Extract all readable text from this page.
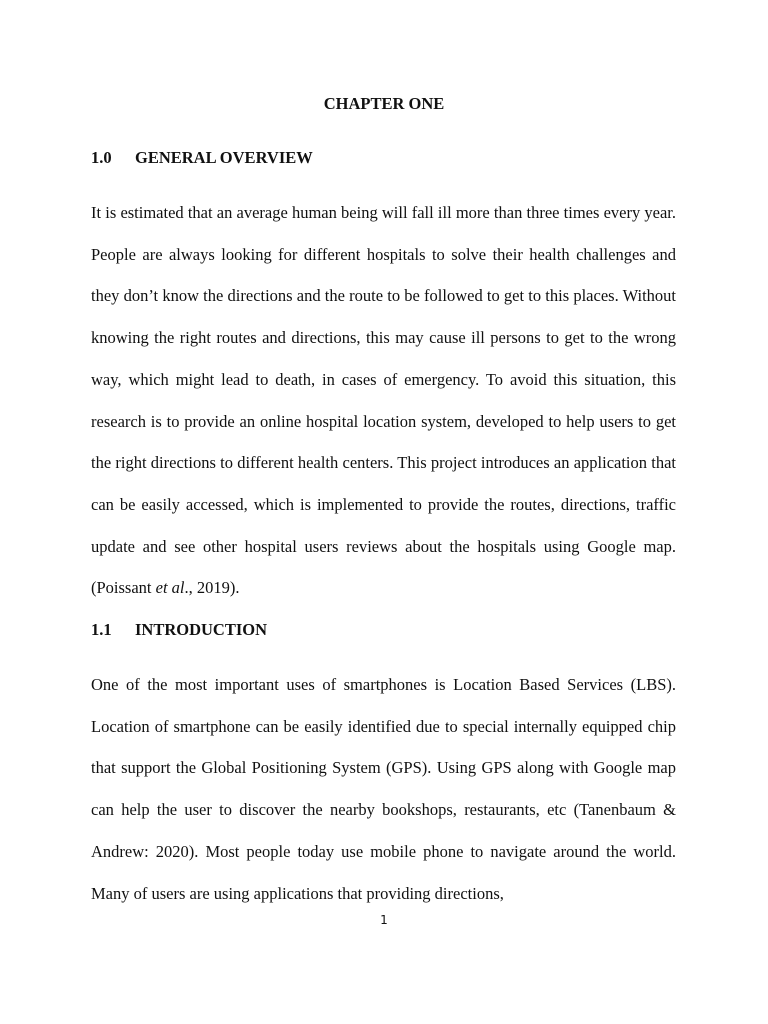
CHAPTER ONE
1.0 GENERAL OVERVIEW

It is estimated that an average human being will fall ill more than three times every year. People are always looking for different hospitals to solve their health challenges and they don’t know the directions and the route to be followed to get to this places. Without knowing the right routes and directions, this may cause ill persons to get to the wrong way, which might lead to death, in cases of emergency. To avoid this situation, this research is to provide an online hospital location system, developed to help users to get the right directions to different health centers. This project introduces an application that can be easily accessed, which is implemented to provide the routes, directions, traffic update and see other hospital users reviews about the hospitals using Google map. (Poissant et al., 2019).

1.1 INTRODUCTION

One of the most important uses of smartphones is Location Based Services (LBS). Location of smartphone can be easily identified due to special internally equipped chip that support the Global Positioning System (GPS). Using GPS along with Google map can help the user to discover the nearby bookshops, restaurants, etc (Tanenbaum & Andrew: 2020). Most people today use mobile phone to navigate around the world. Many of users are using applications that providing directions,

1
